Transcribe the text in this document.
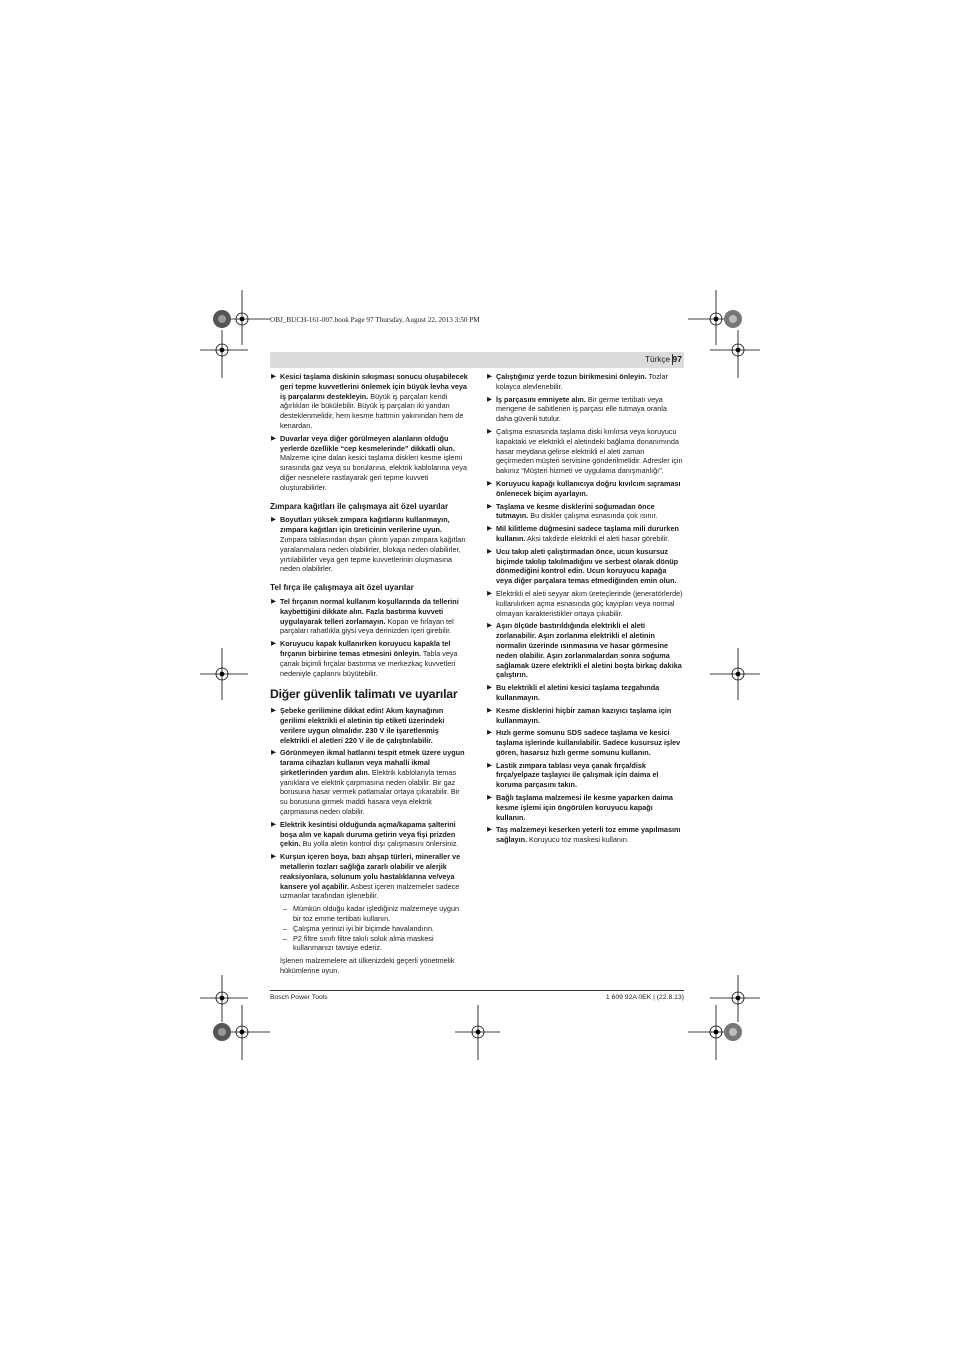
OBJ_BUCH-161-007.book Page 97 Thursday, August 22, 2013 3:50 PM
Türkçe 97
▶ Kesici taşlama diskinin sıkışması sonucu oluşabilecek geri tepme kuvvetlerini önlemek için büyük levha veya iş parçalarını destekleyin. Büyük iş parçaları kendi ağırlıkları ile bükülebilir. Büyük iş parçaları iki yandan desteklenmelidir, hem kesme hattının yakınından hem de kenardan.
▶ Duvarlar veya diğer görülmeyen alanların olduğu yerlerde özellikle “cep kesmelerinde” dikkatli olun. Malzeme içine dalan kesici taşlama diskleri kesme işlemi sırasında gaz veya su borularına, elektrik kablolarına veya diğer nesnelere rastlayarak geri tepme kuvveti oluşturabilirler.
Zımpara kağıtları ile çalışmaya ait özel uyarılar
▶ Boyutları yüksek zımpara kağıtlarını kullanmayın, zımpara kağıtları için üreticinin verilerine uyun. Zımpara tablasından dışarı çıkıntı yapan zımpara kağıtları yaralanmalara neden olabilirler, blokaja neden olabilirler, yırtılabilirler veya geri tepme kuvvetlerinin oluşmasına neden olabilirler.
Tel fırça ile çalışmaya ait özel uyarılar
▶ Tel fırçanın normal kullanım koşullarında da tellerini kaybettiğini dikkate alın. Fazla bastırma kuvveti uygulayarak telleri zorlamayın. Kopan ve fırlayan tel parçaları rahatlıkla giysi veya derinizden içeri girebilir.
▶ Koruyucu kapak kullanırken koruyucu kapakla tel fırçanın birbirine temas etmesini önleyin. Tabla veya çanak biçimli fırçalar bastırma ve merkezkaç kuvvetleri nedeniyle çaplarını büyütebilir.
Diğer güvenlik talimatı ve uyarılar
▶ Şebeke gerilimine dikkat edin! Akım kaynağının gerilimi elektrikli el aletinin tip etiketi üzerindeki verilere uygun olmalıdır. 230 V ile işaretlenmiş elektrikli el aletleri 220 V ile de çalıştırılabilir.
▶ Görünmeyen ikmal hatlarını tespit etmek üzere uygun tarama cihazları kullanın veya mahalli ikmal şirketlerinden yardım alın. Elektrik kablolarıyla temas yanıklara ve elektrik çarpmasına neden olabilir. Bir gaz borusuna hasar vermek patlamalar ortaya çıkarabilir. Bir su borusuna girmek maddi hasara veya elektrik çarpmasına neden olabilir.
▶ Elektrik kesintisi olduğunda açma/kapama şalterini boşa alın ve kapalı duruma getirin veya fişi prizden çekin. Bu yolla aletin kontrol dışı çalışmasını önlersiniz.
▶ Kurşun içeren boya, bazı ahşap türleri, mineraller ve metallerin tozları sağlığa zararlı olabilir ve alerjik reaksiyonlara, solunum yolu hastalıklarına ve/veya kansere yol açabilir. Asbest içeren malzemeler sadece uzmanlar tarafından işlenebilir.
– Mümkün olduğu kadar işlediğiniz malzemeye uygun bir toz emme tertibatı kullanın.
– Çalışma yerinizi iyi bir biçimde havalandırın.
– P2 filtre sınıfı filtre takılı soluk alma maskesi kullanmanızı tavsiye ederiz.
İşlenen malzemelere ait ülkenizdeki geçerli yönetmelik hükümlerine uyun.
▶ Çalıştığınız yerde tozun birikmesini önleyin. Tozlar kolayca alevlenebilir.
▶ İş parçasını emniyete alın. Bir germe tertibatı veya mengene ile sabitlenen iş parçası elle tutmaya oranla daha güvenli tutulur.
▶ Çalışma esnasında taşlama diski kırılırsa veya koruyucu kapaktaki ve elektrikli el aletindeki bağlama donanımında hasar meydana gelirse elektrikli el aleti zaman geçirmeden müşteri servisine gönderilmelidir. Adresler için bakınız “Müşteri hizmeti ve uygulama danışmanlığı”.
▶ Koruyucu kapağı kullanıcıya doğru kıvılcım sıçraması önlenecek biçim ayarlayın.
▶ Taşlama ve kesme disklerini soğumadan önce tutmayın. Bu diskler çalışma esnasında çok ısınır.
▶ Mil kilitleme düğmesini sadece taşlama mili dururken kullanın. Aksi takdirde elektrikli el aleti hasar görebilir.
▶ Ucu takıp aleti çalıştırmadan önce, ucun kusursuz biçimde takılıp takılmadığını ve serbest olarak dönüp dönmediğini kontrol edin. Ucun koruyucu kapağa veya diğer parçalara temas etmediğinden emin olun.
▶ Elektrikli el aleti seyyar akım üreteçlerinde (jeneratörlerde) kullanılırken açma esnasında güç kayıpları veya normal olmayan karakteristikler ortaya çıkabilir.
▶ Aşırı ölçüde bastırıldığında elektrikli el aleti zorlanabilir. Aşırı zorlanma elektrikli el aletinin normalin üzerinde ısınmasına ve hasar görmesine neden olabilir. Aşırı zorlanmalardan sonra soğuma sağlamak üzere elektrikli el aletini boşta birkaç dakika çalıştırın.
▶ Bu elektrikli el aletini kesici taşlama tezgahında kullanmayın.
▶ Kesme disklerini hiçbir zaman kazıyıcı taşlama için kullanmayın.
▶ Hızlı germe somunu SDS sadece taşlama ve kesici taşlama işlerinde kullanılabilir. Sadece kusursuz işlev gören, hasarsız hızlı germe somunu kullanın.
▶ Lastik zımpara tablası veya çanak fırça/disk fırça/yelpaze taşlayıcı ile çalışmak için daima el koruma parçasını takın.
▶ Bağlı taşlama malzemesi ile kesme yaparken daima kesme işlemi için öngörülen koruyucu kapağı kullanın.
▶ Taş malzemeyi keserken yeterli toz emme yapılmasını sağlayın. Koruyucu toz maskesi kullanın.
Bosch Power Tools	1 609 92A 0EK | (22.8.13)
